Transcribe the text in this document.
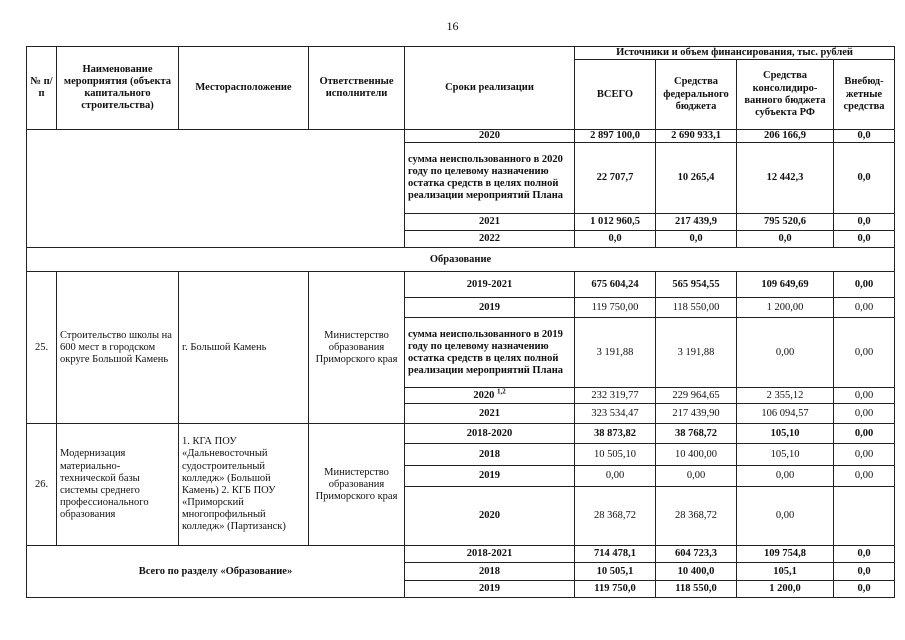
16
№ п/п	Наименование мероприятия (объекта капитального строительства)	Месторасположение	Ответственные исполнители	Сроки реализации	Источники и объем финансирования, тыс. рублей			
					ВСЕГО	Средства федерального бюджета	Средства консолидиро-ванного бюджета субъекта РФ	Внебюд-жетные средства
				2020	2 897 100,0	2 690 933,1	206 166,9	0,0
				сумма неиспользованного в 2020 году по целевому назначению остатка средств в целях полной реализации мероприятий Плана	22 707,7	10 265,4	12 442,3	0,0
				2021	1 012 960,5	217 439,9	795 520,6	0,0
				2022	0,0	0,0	0,0	0,0
Образование								
25.	Строительство школы на 600 мест в городском округе Большой Камень	г. Большой Камень	Министерство образования Приморского края	2019-2021	675 604,24	565 954,55	109 649,69	0,00
				2019	119 750,00	118 550,00	1 200,00	0,00
				сумма неиспользованного в 2019 году по целевому назначению остатка средств в целях полной реализации мероприятий Плана	3 191,88	3 191,88	0,00	0,00
				2020 $^{1,2}$	232 319,77	229 964,65	2 355,12	0,00
				2021	323 534,47	217 439,90	106 094,57	0,00
26.	Модернизация материально-технической базы системы среднего профессионального образования	1. КГА ПОУ «Дальневосточный судостроительный колледж» (Большой Камень) 2. КГБ ПОУ «Приморский многопрофильный колледж» (Партизанск)	Министерство образования Приморского края	2018-2020	38 873,82	38 768,72	105,10	0,00
				2018	10 505,10	10 400,00	105,10	0,00
				2019	0,00	0,00	0,00	0,00
				2020	28 368,72	28 368,72	0,00	
Всего по разделу «Образование»				2018-2021	714 478,1	604 723,3	109 754,8	0,0
				2018	10 505,1	10 400,0	105,1	0,0
				2019	119 750,0	118 550,0	1 200,0	0,0
